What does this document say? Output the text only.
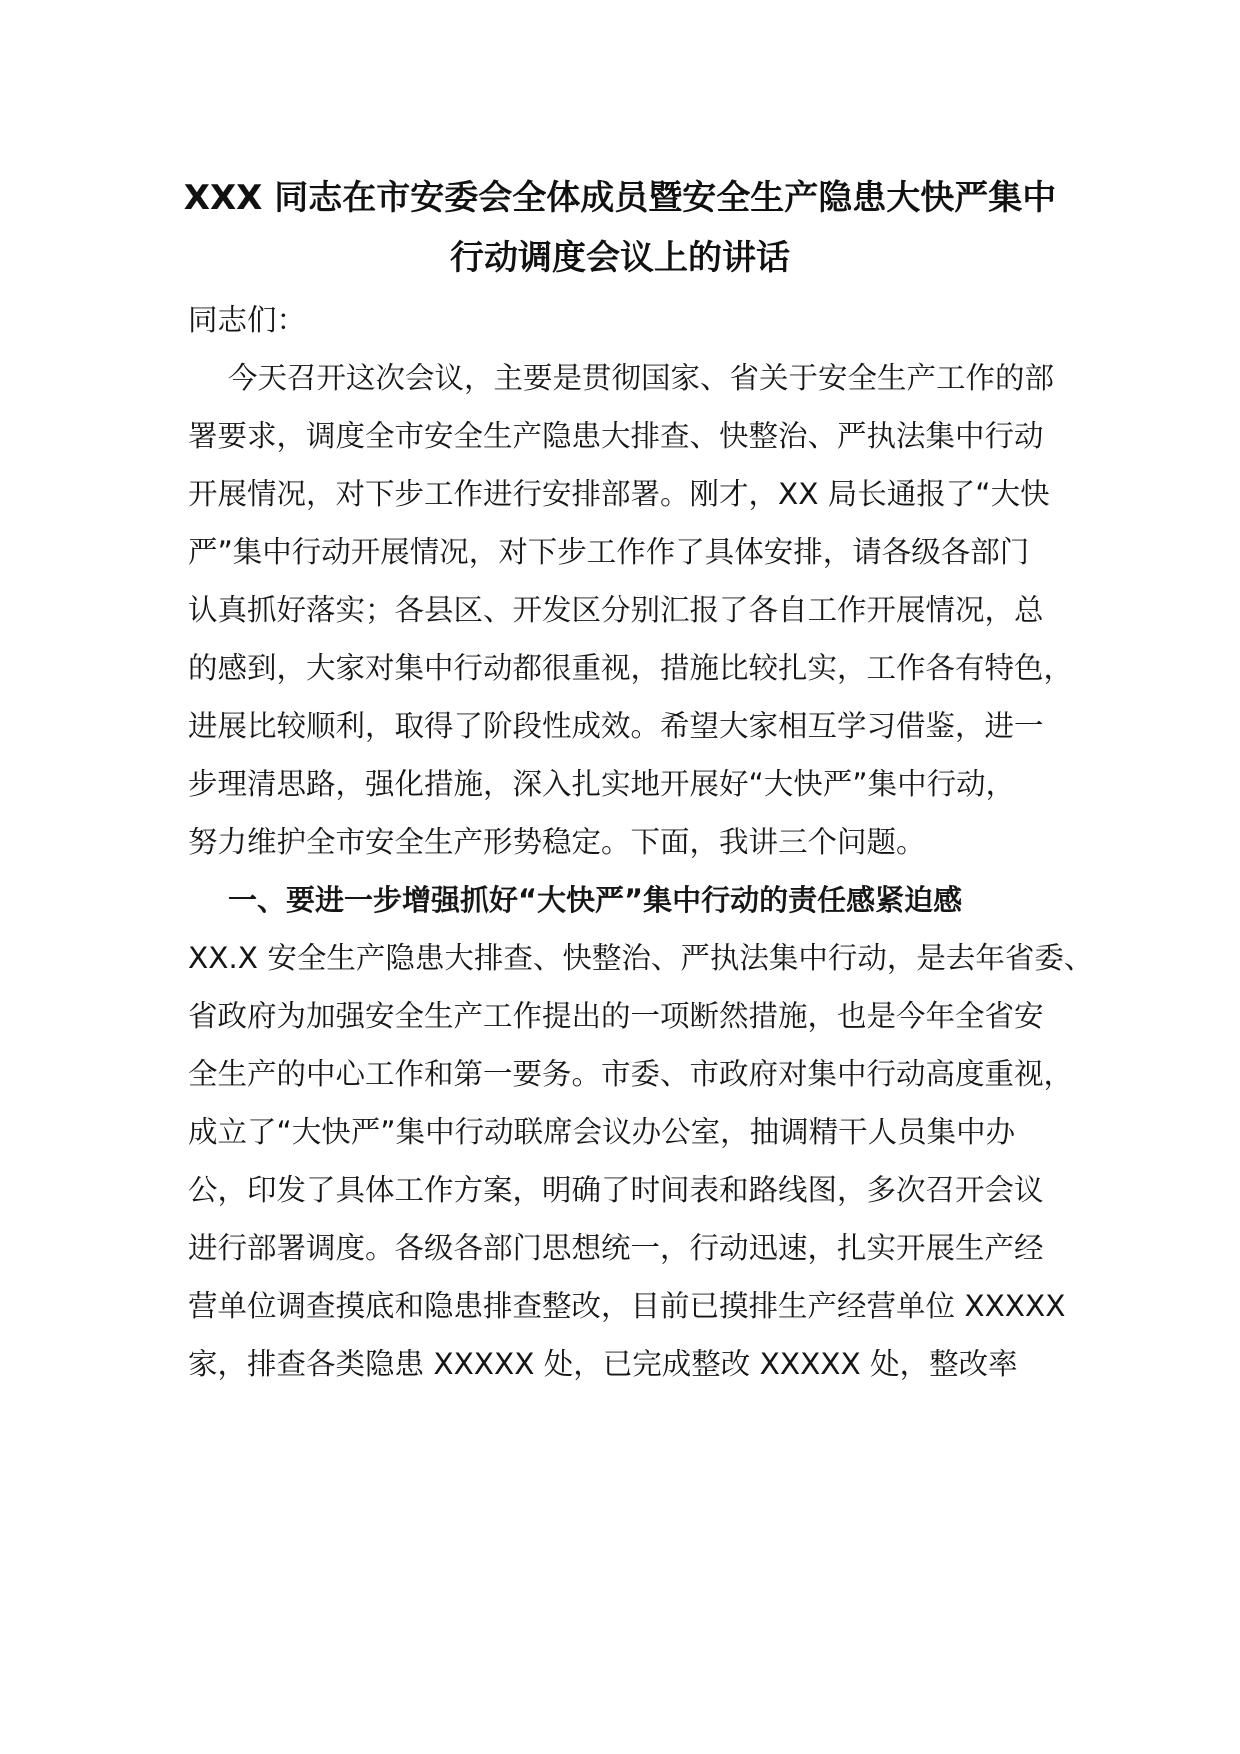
XXX 同志在市安委会全体成员暨安全生产隐患大快严集中
行动调度会议上的讲话
同志们：
今天召开这次会议，主要是贯彻国家、省关于安全生产工作的部
署要求，调度全市安全生产隐患大排查、快整治、严执法集中行动
开展情况，对下步工作进行安排部署。刚才，XX 局长通报了“大快
严”集中行动开展情况，对下步工作作了具体安排，请各级各部门
认真抓好落实；各县区、开发区分别汇报了各自工作开展情况，总
的感到，大家对集中行动都很重视，措施比较扎实，工作各有特色，
进展比较顺利，取得了阶段性成效。希望大家相互学习借鉴，进一
步理清思路，强化措施，深入扎实地开展好“大快严”集中行动，
努力维护全市安全生产形势稳定。下面，我讲三个问题。
一、要进一步增强抓好“大快严”集中行动的责任感紧迫感
XX.X 安全生产隐患大排查、快整治、严执法集中行动，是去年省委、
省政府为加强安全生产工作提出的一项断然措施，也是今年全省安
全生产的中心工作和第一要务。市委、市政府对集中行动高度重视，
成立了“大快严”集中行动联席会议办公室，抽调精干人员集中办
公，印发了具体工作方案，明确了时间表和路线图，多次召开会议
进行部署调度。各级各部门思想统一，行动迅速，扎实开展生产经
营单位调查摸底和隐患排查整改，目前已摸排生产经营单位 XXXXX
家，排查各类隐患 XXXXX 处，已完成整改 XXXXX 处，整改率
